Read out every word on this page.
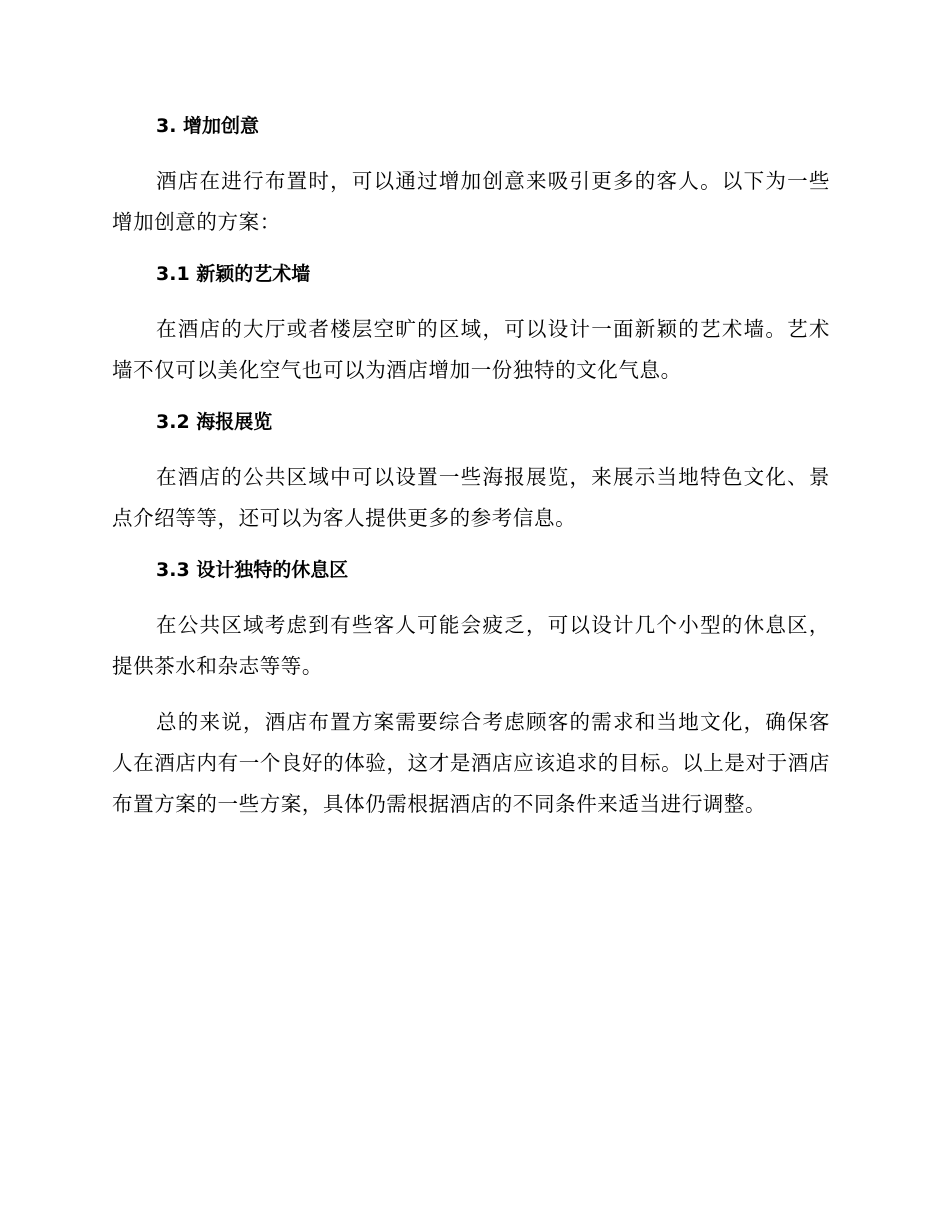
3. 增加创意

酒店在进行布置时，可以通过增加创意来吸引更多的客人。以下为一些增加创意的方案：

3.1 新颖的艺术墙

在酒店的大厅或者楼层空旷的区域，可以设计一面新颖的艺术墙。艺术墙不仅可以美化空气也可以为酒店增加一份独特的文化气息。

3.2 海报展览

在酒店的公共区域中可以设置一些海报展览，来展示当地特色文化、景点介绍等等，还可以为客人提供更多的参考信息。

3.3 设计独特的休息区

在公共区域考虑到有些客人可能会疲乏，可以设计几个小型的休息区，提供茶水和杂志等等。

总的来说，酒店布置方案需要综合考虑顾客的需求和当地文化，确保客人在酒店内有一个良好的体验，这才是酒店应该追求的目标。以上是对于酒店布置方案的一些方案，具体仍需根据酒店的不同条件来适当进行调整。
